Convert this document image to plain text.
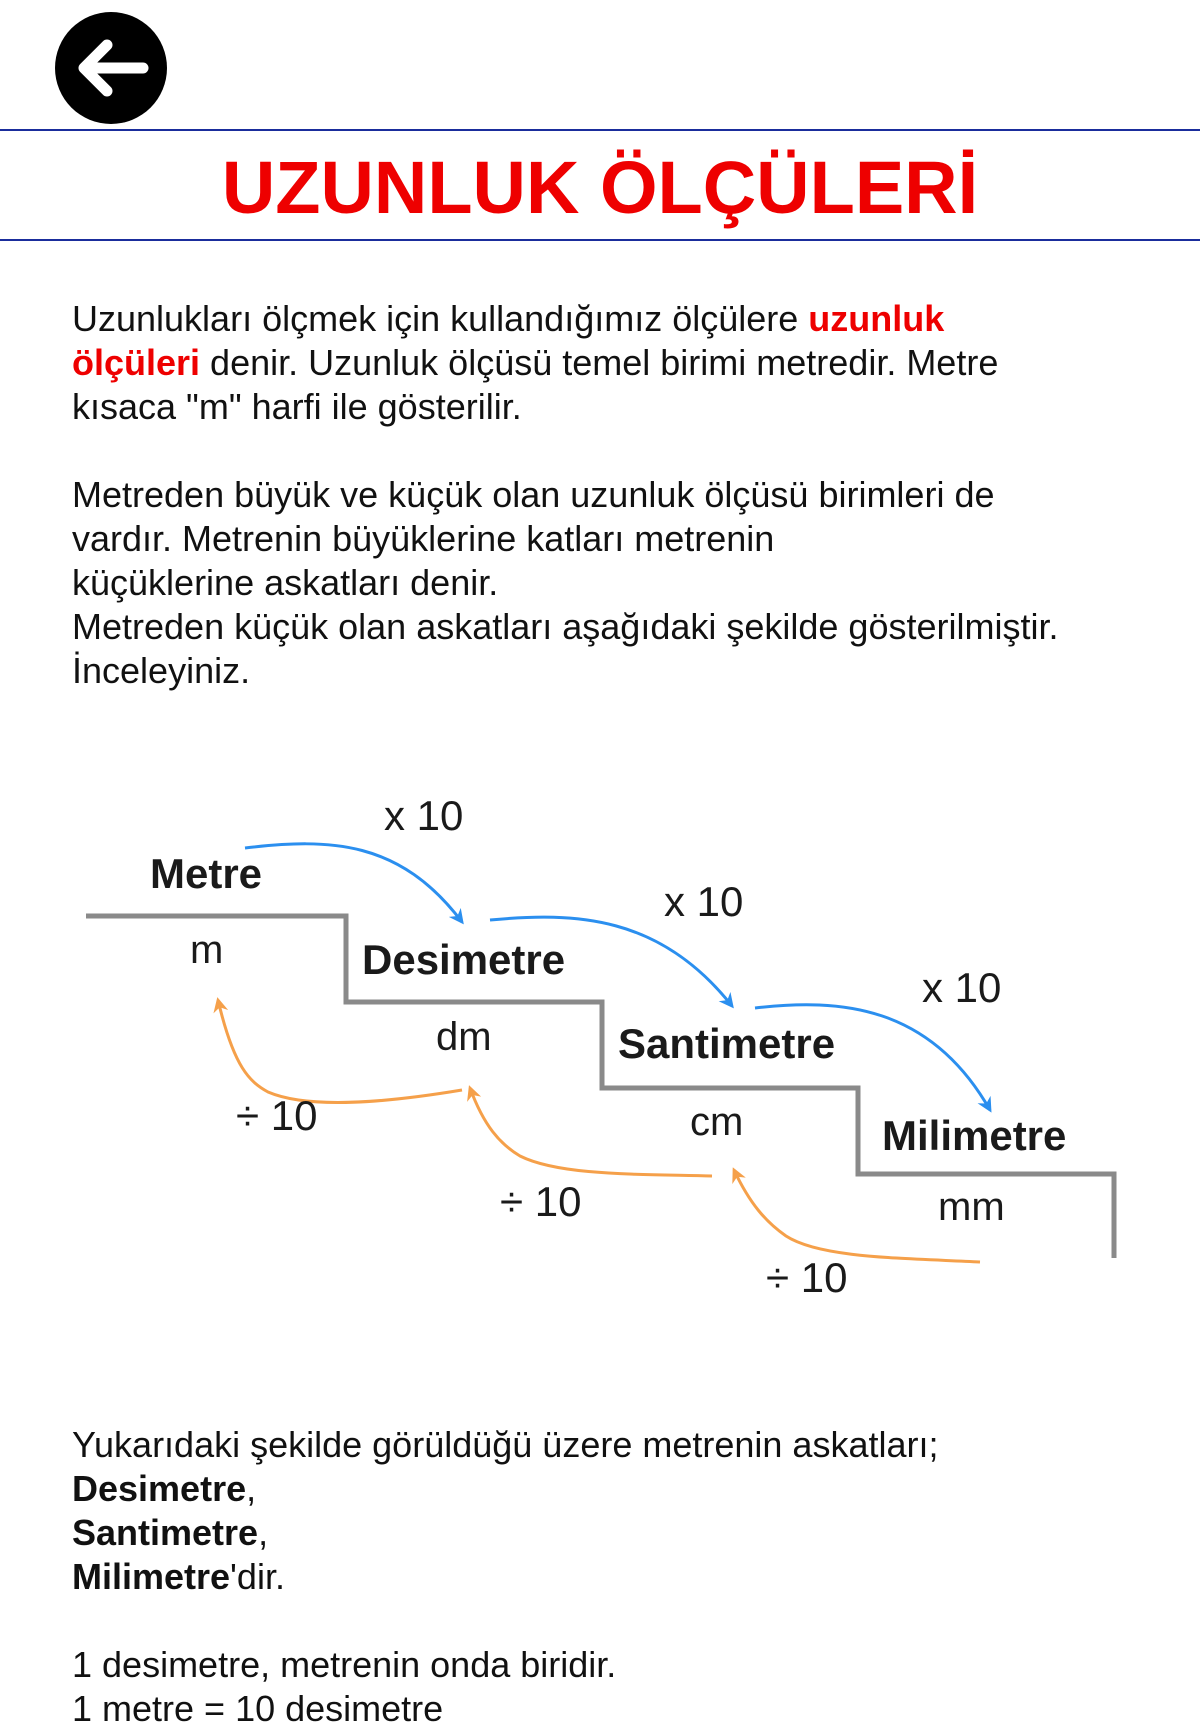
UZUNLUK ÖLÇÜLERİ
Uzunlukları ölçmek için kullandığımız ölçülere uzunluk
ölçüleri denir. Uzunluk ölçüsü temel birimi metredir. Metre
kısaca "m" harfi ile gösterilir.
Metreden büyük ve küçük olan uzunluk ölçüsü birimleri de
vardır. Metrenin büyüklerine katları metrenin
küçüklerine askatları denir.
Metreden küçük olan askatları aşağıdaki şekilde gösterilmiştir.
İnceleyiniz.
Metre
Desimetre
Santimetre
Milimetre
m
dm
cm
mm
x 10
x 10
x 10
÷ 10
÷ 10
÷ 10
Yukarıdaki şekilde görüldüğü üzere metrenin askatları;
Desimetre,
Santimetre,
Milimetre'dir.
1 desimetre, metrenin onda biridir.
1 metre = 10 desimetre
